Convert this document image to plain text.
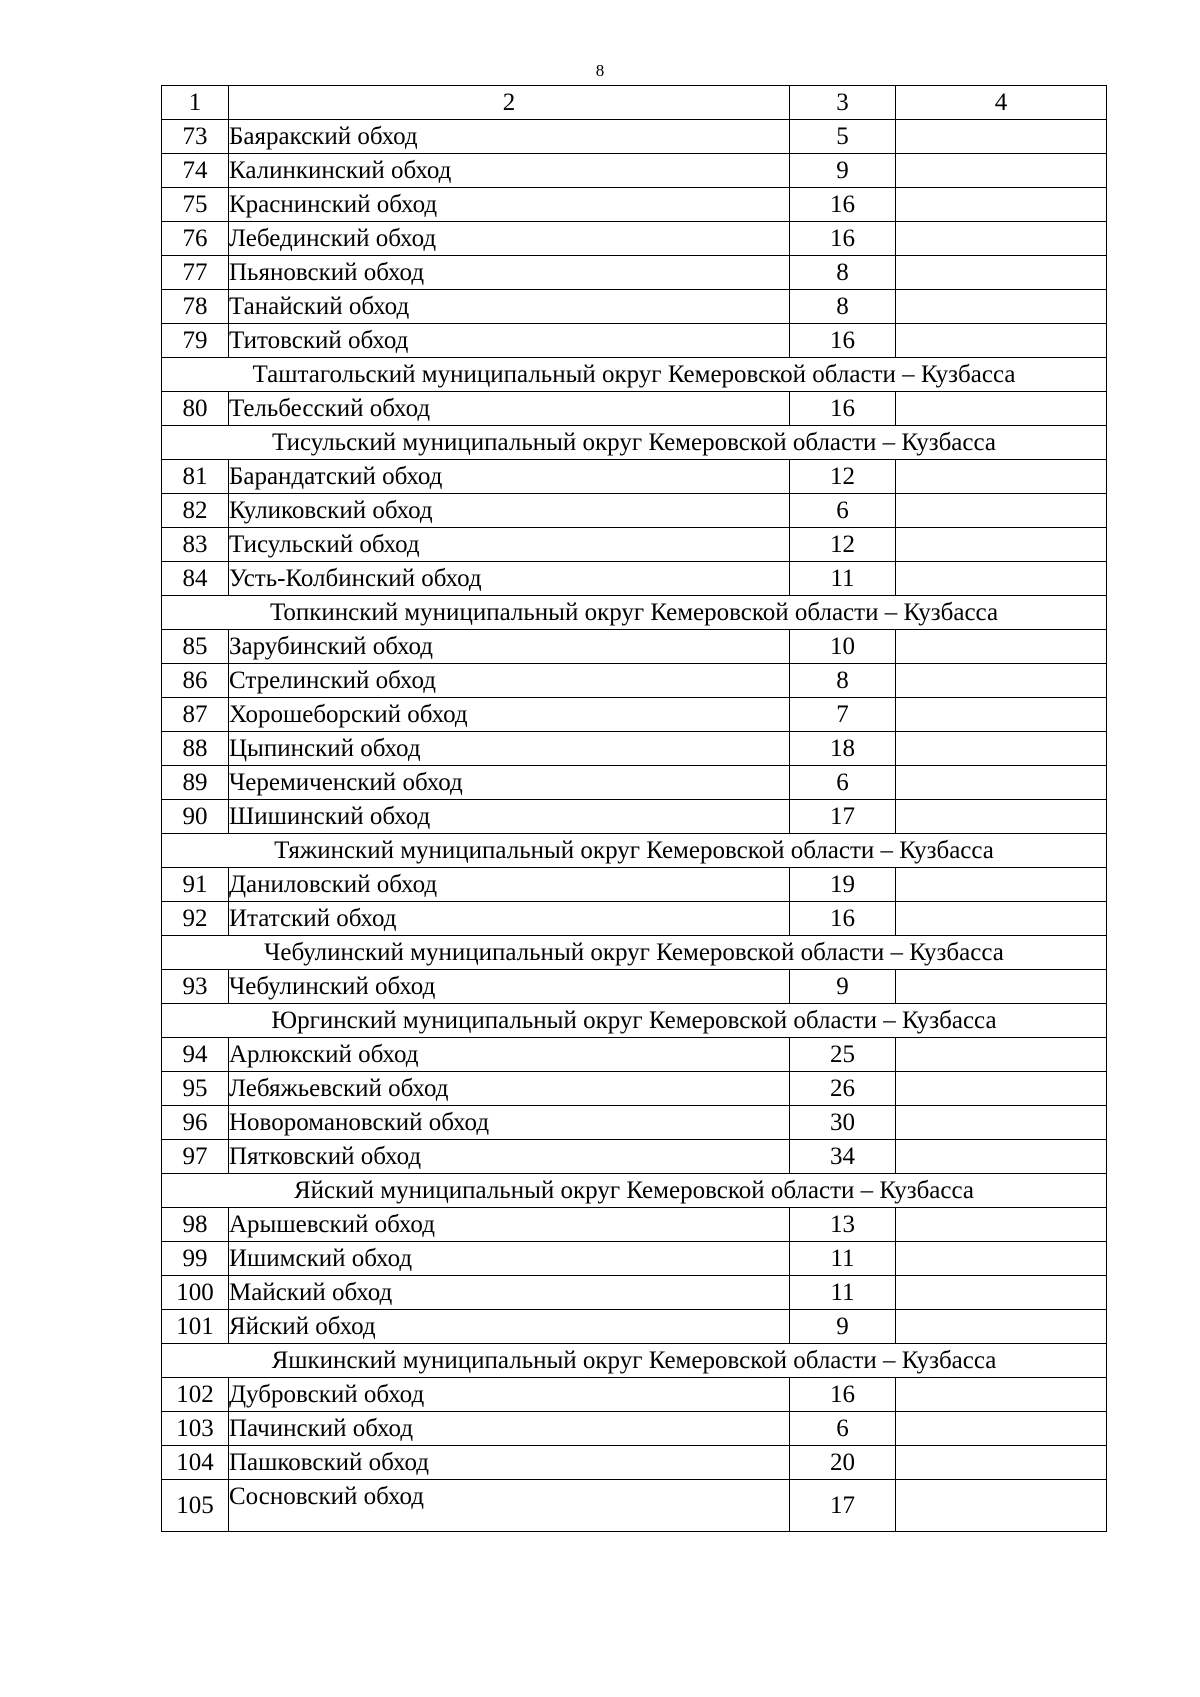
8
1	2	3	4
73	Баяракский обход	5	
74	Калинкинский обход	9	
75	Краснинский обход	16	
76	Лебединский обход	16	
77	Пьяновский обход	8	
78	Танайский обход	8	
79	Титовский обход	16	
Таштагольский муниципальный округ Кемеровской области – Кузбасса			
80	Тельбесский обход	16	
Тисульский муниципальный округ Кемеровской области – Кузбасса			
81	Барандатский обход	12	
82	Куликовский обход	6	
83	Тисульский обход	12	
84	Усть-Колбинский обход	11	
Топкинский муниципальный округ Кемеровской области – Кузбасса			
85	Зарубинский обход	10	
86	Стрелинский обход	8	
87	Хорошеборский обход	7	
88	Цыпинский обход	18	
89	Черемиченский обход	6	
90	Шишинский обход	17	
Тяжинский муниципальный округ Кемеровской области – Кузбасса			
91	Даниловский обход	19	
92	Итатский обход	16	
Чебулинский муниципальный округ Кемеровской области – Кузбасса			
93	Чебулинский обход	9	
Юргинский муниципальный округ Кемеровской области – Кузбасса			
94	Арлюкский обход	25	
95	Лебяжьевский обход	26	
96	Новоромановский обход	30	
97	Пятковский обход	34	
Яйский муниципальный округ Кемеровской области – Кузбасса			
98	Арышевский обход	13	
99	Ишимский обход	11	
100	Майский обход	11	
101	Яйский обход	9	
Яшкинский муниципальный округ Кемеровской области – Кузбасса			
102	Дубровский обход	16	
103	Пачинский обход	6	
104	Пашковский обход	20	
105	Сосновский обход	17	
